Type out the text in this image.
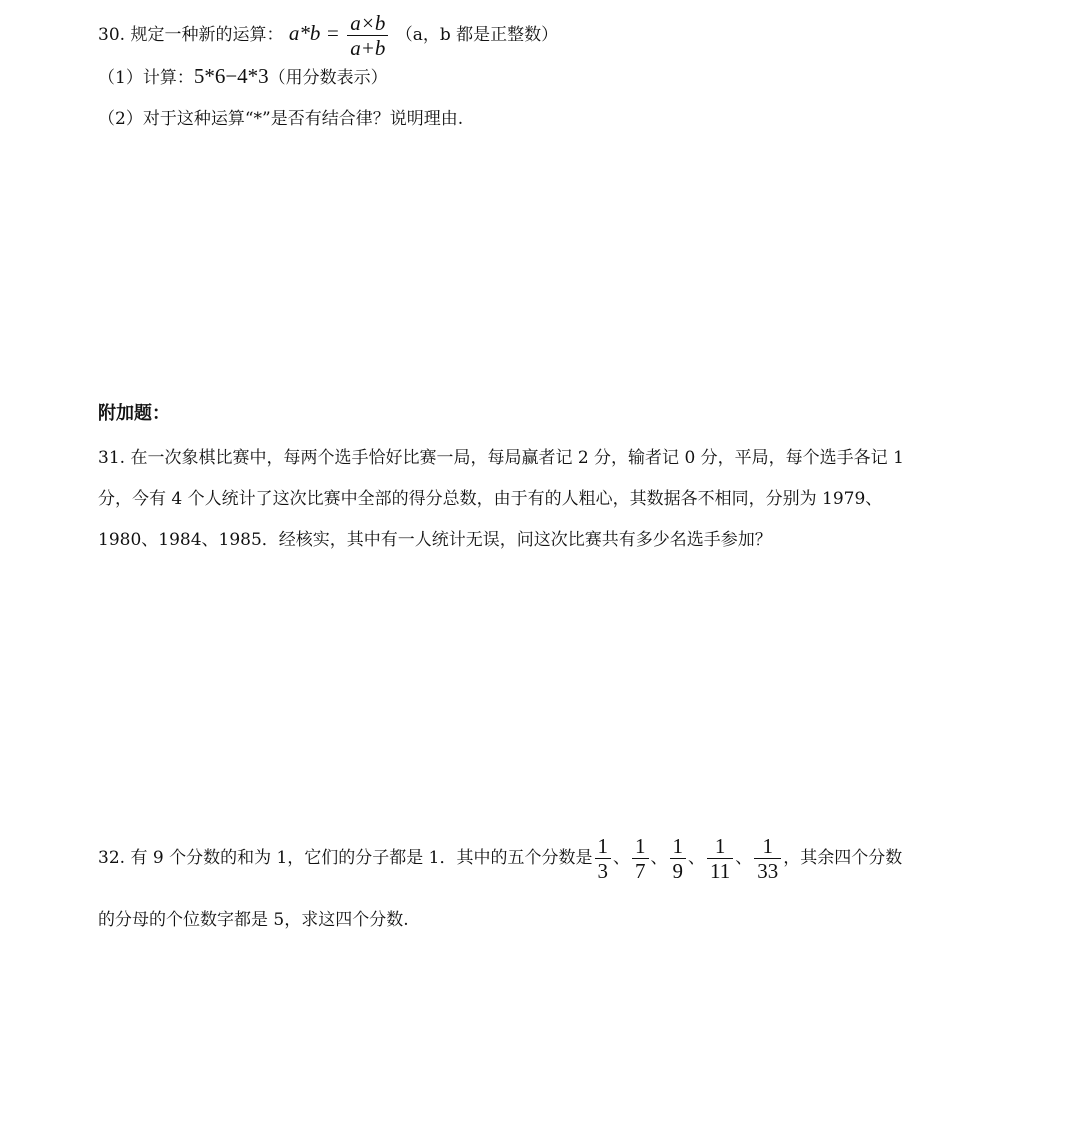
30. 规定一种新的运算： $a*b = \frac{a\times b}{a+b} (a$，b 都是正整数）
（1）计算：5*6−4*3（用分数表示）
（2）对于这种运算“*”是否有结合律？说明理由.
附加题：
31. 在一次象棋比赛中，每两个选手恰好比赛一局，每局赢者记 2 分，输者记 0 分，平局，每个选手各记 1
分，今有 4 个人统计了这次比赛中全部的得分总数，由于有的人粗心，其数据各不相同，分别为 1979、
1980、1984、1985．经核实，其中有一人统计无误，问这次比赛共有多少名选手参加？
32. 有 9 个分数的和为 1，它们的分子都是 1．其中的五个分数是 $\frac{1}{3}$ 、 $\frac{1}{7}$ 、 $\frac{1}{9}$ 、 $\frac{1}{11}$ 、 $\frac{1}{33}$ ，其余四个分数
的分母的个位数字都是 5，求这四个分数.
